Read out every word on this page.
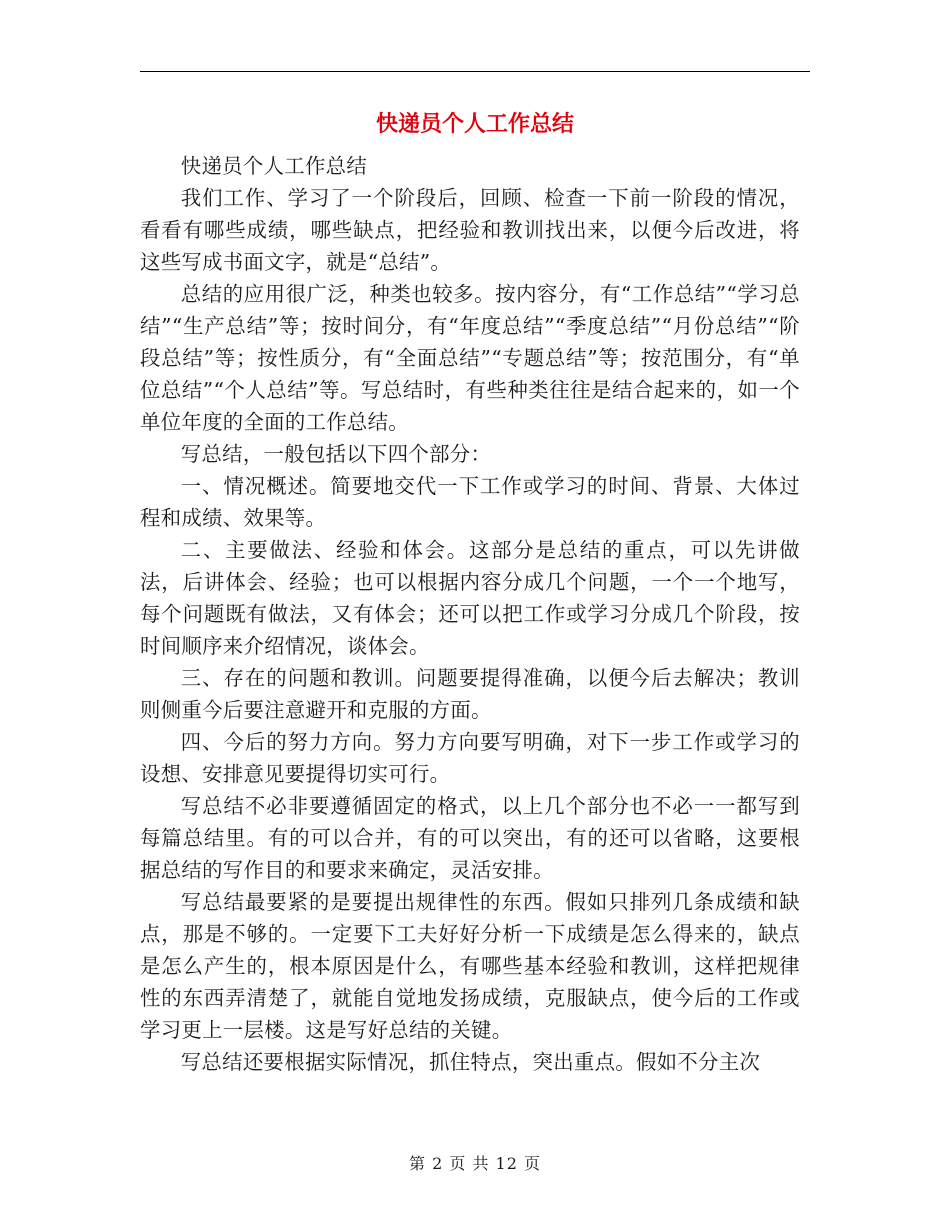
快递员个人工作总结

快递员个人工作总结

我们工作、学习了一个阶段后，回顾、检查一下前一阶段的情况，看看有哪些成绩，哪些缺点，把经验和教训找出来，以便今后改进，将这些写成书面文字，就是“总结”。

总结的应用很广泛，种类也较多。按内容分，有“工作总结”“学习总结”“生产总结”等；按时间分，有“年度总结”“季度总结”“月份总结”“阶段总结”等；按性质分，有“全面总结”“专题总结”等；按范围分，有“单位总结”“个人总结”等。写总结时，有些种类往往是结合起来的，如一个单位年度的全面的工作总结。

写总结，一般包括以下四个部分：

一、情况概述。简要地交代一下工作或学习的时间、背景、大体过程和成绩、效果等。

二、主要做法、经验和体会。这部分是总结的重点，可以先讲做法，后讲体会、经验；也可以根据内容分成几个问题，一个一个地写，每个问题既有做法，又有体会；还可以把工作或学习分成几个阶段，按时间顺序来介绍情况，谈体会。

三、存在的问题和教训。问题要提得准确，以便今后去解决；教训则侧重今后要注意避开和克服的方面。

四、今后的努力方向。努力方向要写明确，对下一步工作或学习的设想、安排意见要提得切实可行。

写总结不必非要遵循固定的格式，以上几个部分也不必一一都写到每篇总结里。有的可以合并，有的可以突出，有的还可以省略，这要根据总结的写作目的和要求来确定，灵活安排。

写总结最要紧的是要提出规律性的东西。假如只排列几条成绩和缺点，那是不够的。一定要下工夫好好分析一下成绩是怎么得来的，缺点是怎么产生的，根本原因是什么，有哪些基本经验和教训，这样把规律性的东西弄清楚了，就能自觉地发扬成绩，克服缺点，使今后的工作或学习更上一层楼。这是写好总结的关键。

写总结还要根据实际情况，抓住特点，突出重点。假如不分主次

第 2 页 共 12 页
